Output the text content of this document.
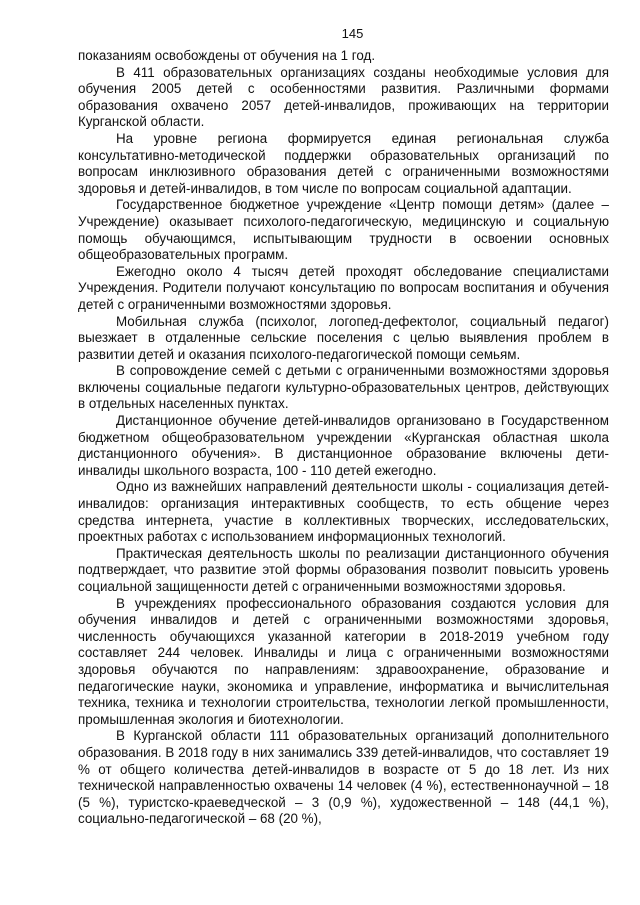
145

показаниям освобождены от обучения на 1 год.

В 411 образовательных организациях созданы необходимые условия для обучения 2005 детей с особенностями развития. Различными формами образования охвачено 2057 детей-инвалидов, проживающих на территории Курганской области.

На уровне региона формируется единая региональная служба консультативно-методической поддержки образовательных организаций по вопросам инклюзивного образования детей с ограниченными возможностями здоровья и детей-инвалидов, в том числе по вопросам социальной адаптации.

Государственное бюджетное учреждение «Центр помощи детям» (далее – Учреждение) оказывает психолого-педагогическую, медицинскую и социальную помощь обучающимся, испытывающим трудности в освоении основных общеобразовательных программ.

Ежегодно около 4 тысяч детей проходят обследование специалистами Учреждения. Родители получают консультацию по вопросам воспитания и обучения детей с ограниченными возможностями здоровья.

Мобильная служба (психолог, логопед-дефектолог, социальный педагог) выезжает в отдаленные сельские поселения с целью выявления проблем в развитии детей и оказания психолого-педагогической помощи семьям.

В сопровождение семей с детьми с ограниченными возможностями здоровья включены социальные педагоги культурно-образовательных центров, действующих в отдельных населенных пунктах.

Дистанционное обучение детей-инвалидов организовано в Государственном бюджетном общеобразовательном учреждении «Курганская областная школа дистанционного обучения». В дистанционное образование включены дети-инвалиды школьного возраста, 100 - 110 детей ежегодно.

Одно из важнейших направлений деятельности школы - социализация детей-инвалидов: организация интерактивных сообществ, то есть общение через средства интернета, участие в коллективных творческих, исследовательских, проектных работах с использованием информационных технологий.

Практическая деятельность школы по реализации дистанционного обучения подтверждает, что развитие этой формы образования позволит повысить уровень социальной защищенности детей с ограниченными возможностями здоровья.

В учреждениях профессионального образования создаются условия для обучения инвалидов и детей с ограниченными возможностями здоровья, численность обучающихся указанной категории в 2018-2019 учебном году составляет 244 человек. Инвалиды и лица с ограниченными возможностями здоровья обучаются по направлениям: здравоохранение, образование и педагогические науки, экономика и управление, информатика и вычислительная техника, техника и технологии строительства, технологии легкой промышленности, промышленная экология и биотехнологии.

В Курганской области 111 образовательных организаций дополнительного образования. В 2018 году в них занимались 339 детей-инвалидов, что составляет 19 % от общего количества детей-инвалидов в возрасте от 5 до 18 лет. Из них технической направленностью охвачены 14 человек (4 %), естественнонаучной – 18 (5 %), туристско-краеведческой – 3 (0,9 %), художественной – 148 (44,1 %), социально-педагогической – 68 (20 %),
